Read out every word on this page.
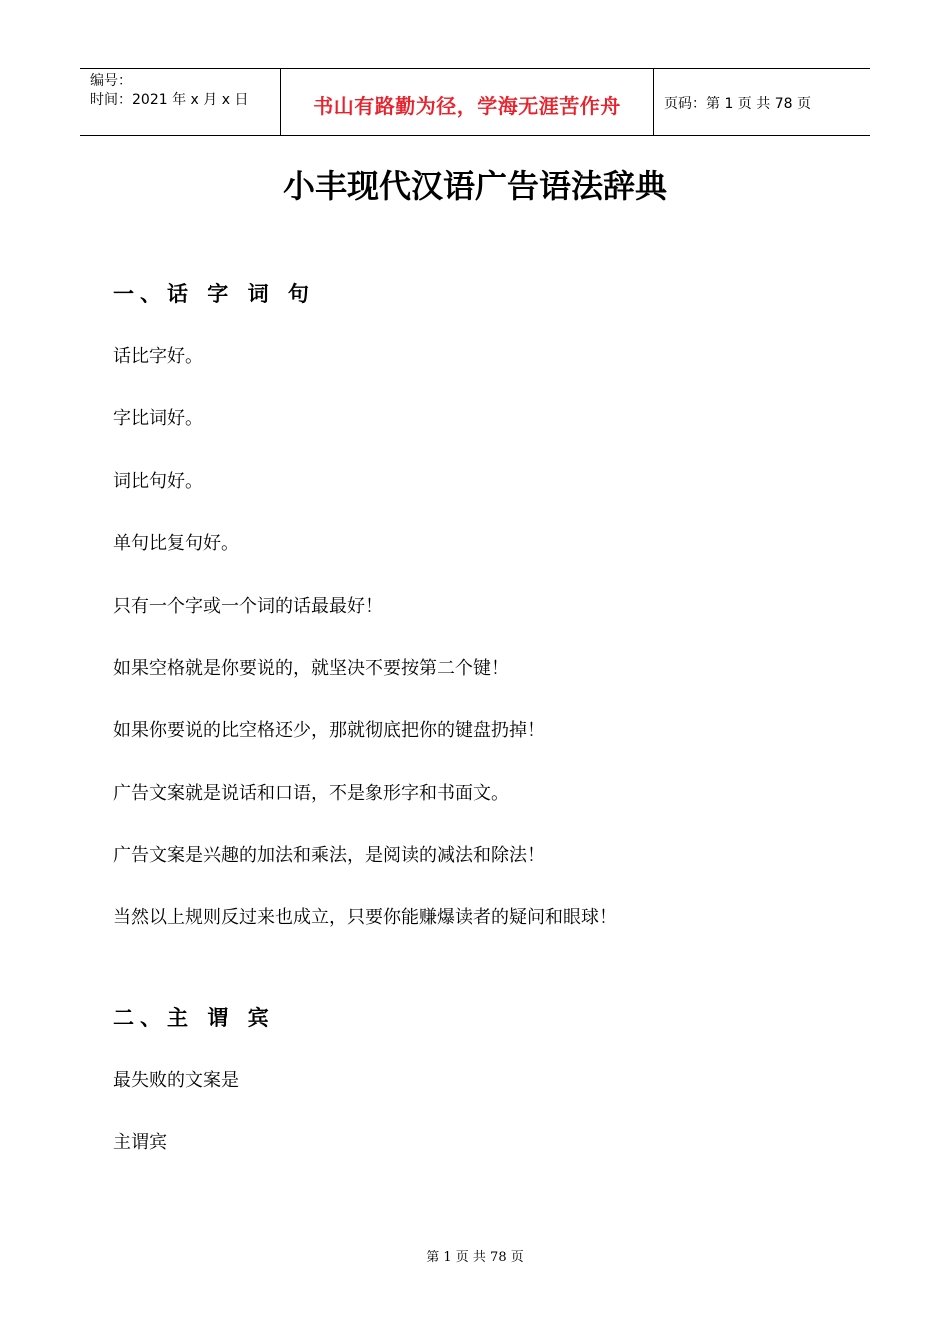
编号：
时间：2021 年 x 月 x 日	书山有路勤为径，学海无涯苦作舟	页码：第 1 页 共 78 页
小丰现代汉语广告语法辞典
一、话 字 词 句
话比字好。
字比词好。
词比句好。
单句比复句好。
只有一个字或一个词的话最最好！
如果空格就是你要说的，就坚决不要按第二个键！
如果你要说的比空格还少，那就彻底把你的键盘扔掉！
广告文案就是说话和口语，不是象形字和书面文。
广告文案是兴趣的加法和乘法，是阅读的减法和除法！
当然以上规则反过来也成立，只要你能赚爆读者的疑问和眼球！
二、主 谓 宾
最失败的文案是
主谓宾
第 1 页 共 78 页
